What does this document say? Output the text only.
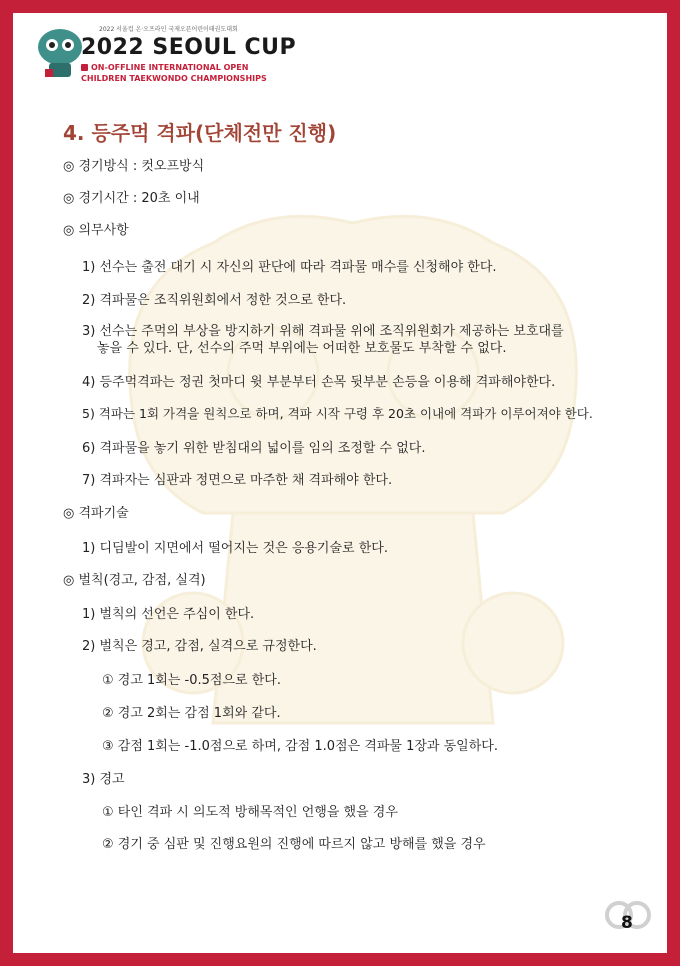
2022 서울컵 온·오프라인 국제오픈어린이태권도대회
2022 SEOUL CUP
ON-OFFLINE INTERNATIONAL OPEN
CHILDREN TAEKWONDO CHAMPIONSHIPS
4. 등주먹 격파(단체전만 진행)
◎ 경기방식 : 컷오프방식
◎ 경기시간 : 20초 이내
◎ 의무사항
1) 선수는 출전 대기 시 자신의 판단에 따라 격파물 매수를 신청해야 한다.
2) 격파물은 조직위원회에서 정한 것으로 한다.
3) 선수는 주먹의 부상을 방지하기 위해 격파물 위에 조직위원회가 제공하는 보호대를
놓을 수 있다. 단, 선수의 주먹 부위에는 어떠한 보호물도 부착할 수 없다.
4) 등주먹격파는 정권 첫마디 윗 부분부터 손목 뒷부분 손등을 이용해 격파해야한다.
5) 격파는 1회 가격을 원칙으로 하며, 격파 시작 구령 후 20초 이내에 격파가 이루어져야 한다.
6) 격파물을 놓기 위한 받침대의 넓이를 임의 조정할 수 없다.
7) 격파자는 심판과 정면으로 마주한 채 격파해야 한다.
◎ 격파기술
1) 디딤발이 지면에서 떨어지는 것은 응용기술로 한다.
◎ 벌칙(경고, 감점, 실격)
1) 벌칙의 선언은 주심이 한다.
2) 벌칙은 경고, 감점, 실격으로 규정한다.
① 경고 1회는 -0.5점으로 한다.
② 경고 2회는 감점 1회와 같다.
③ 감점 1회는 -1.0점으로 하며, 감점 1.0점은 격파물 1장과 동일하다.
3) 경고
① 타인 격파 시 의도적 방해목적인 언행을 했을 경우
② 경기 중 심판 및 진행요원의 진행에 따르지 않고 방해를 했을 경우
8
한국태권도신문
